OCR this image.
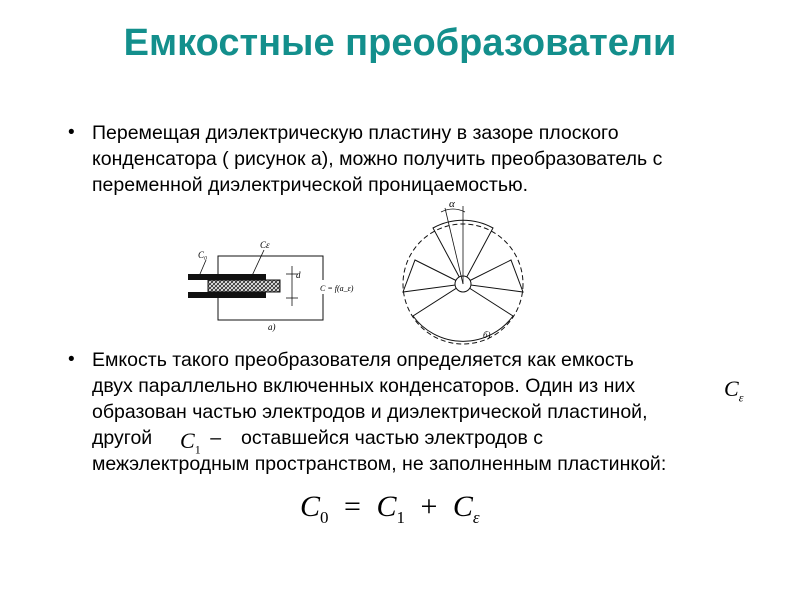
Емкостные преобразователи
• Перемещая диэлектрическую пластину в зазоре плоского
конденсатора ( рисунок а), можно получить преобразователь с
переменной диэлектрической проницаемостью.
C₀
Cε
d
C = f(a_ε)
а)
α
б)
• Емкость такого преобразователя определяется как емкость
двух параллельно включенных конденсаторов. Один из них
образован частью электродов и диэлектрической пластиной,
другой	– оставшейся частью электродов с
межэлектродным пространством, не заполненным пластинкой:
$C_\varepsilon$
$C_1$
$C_0 = C_1 + C_\varepsilon$
